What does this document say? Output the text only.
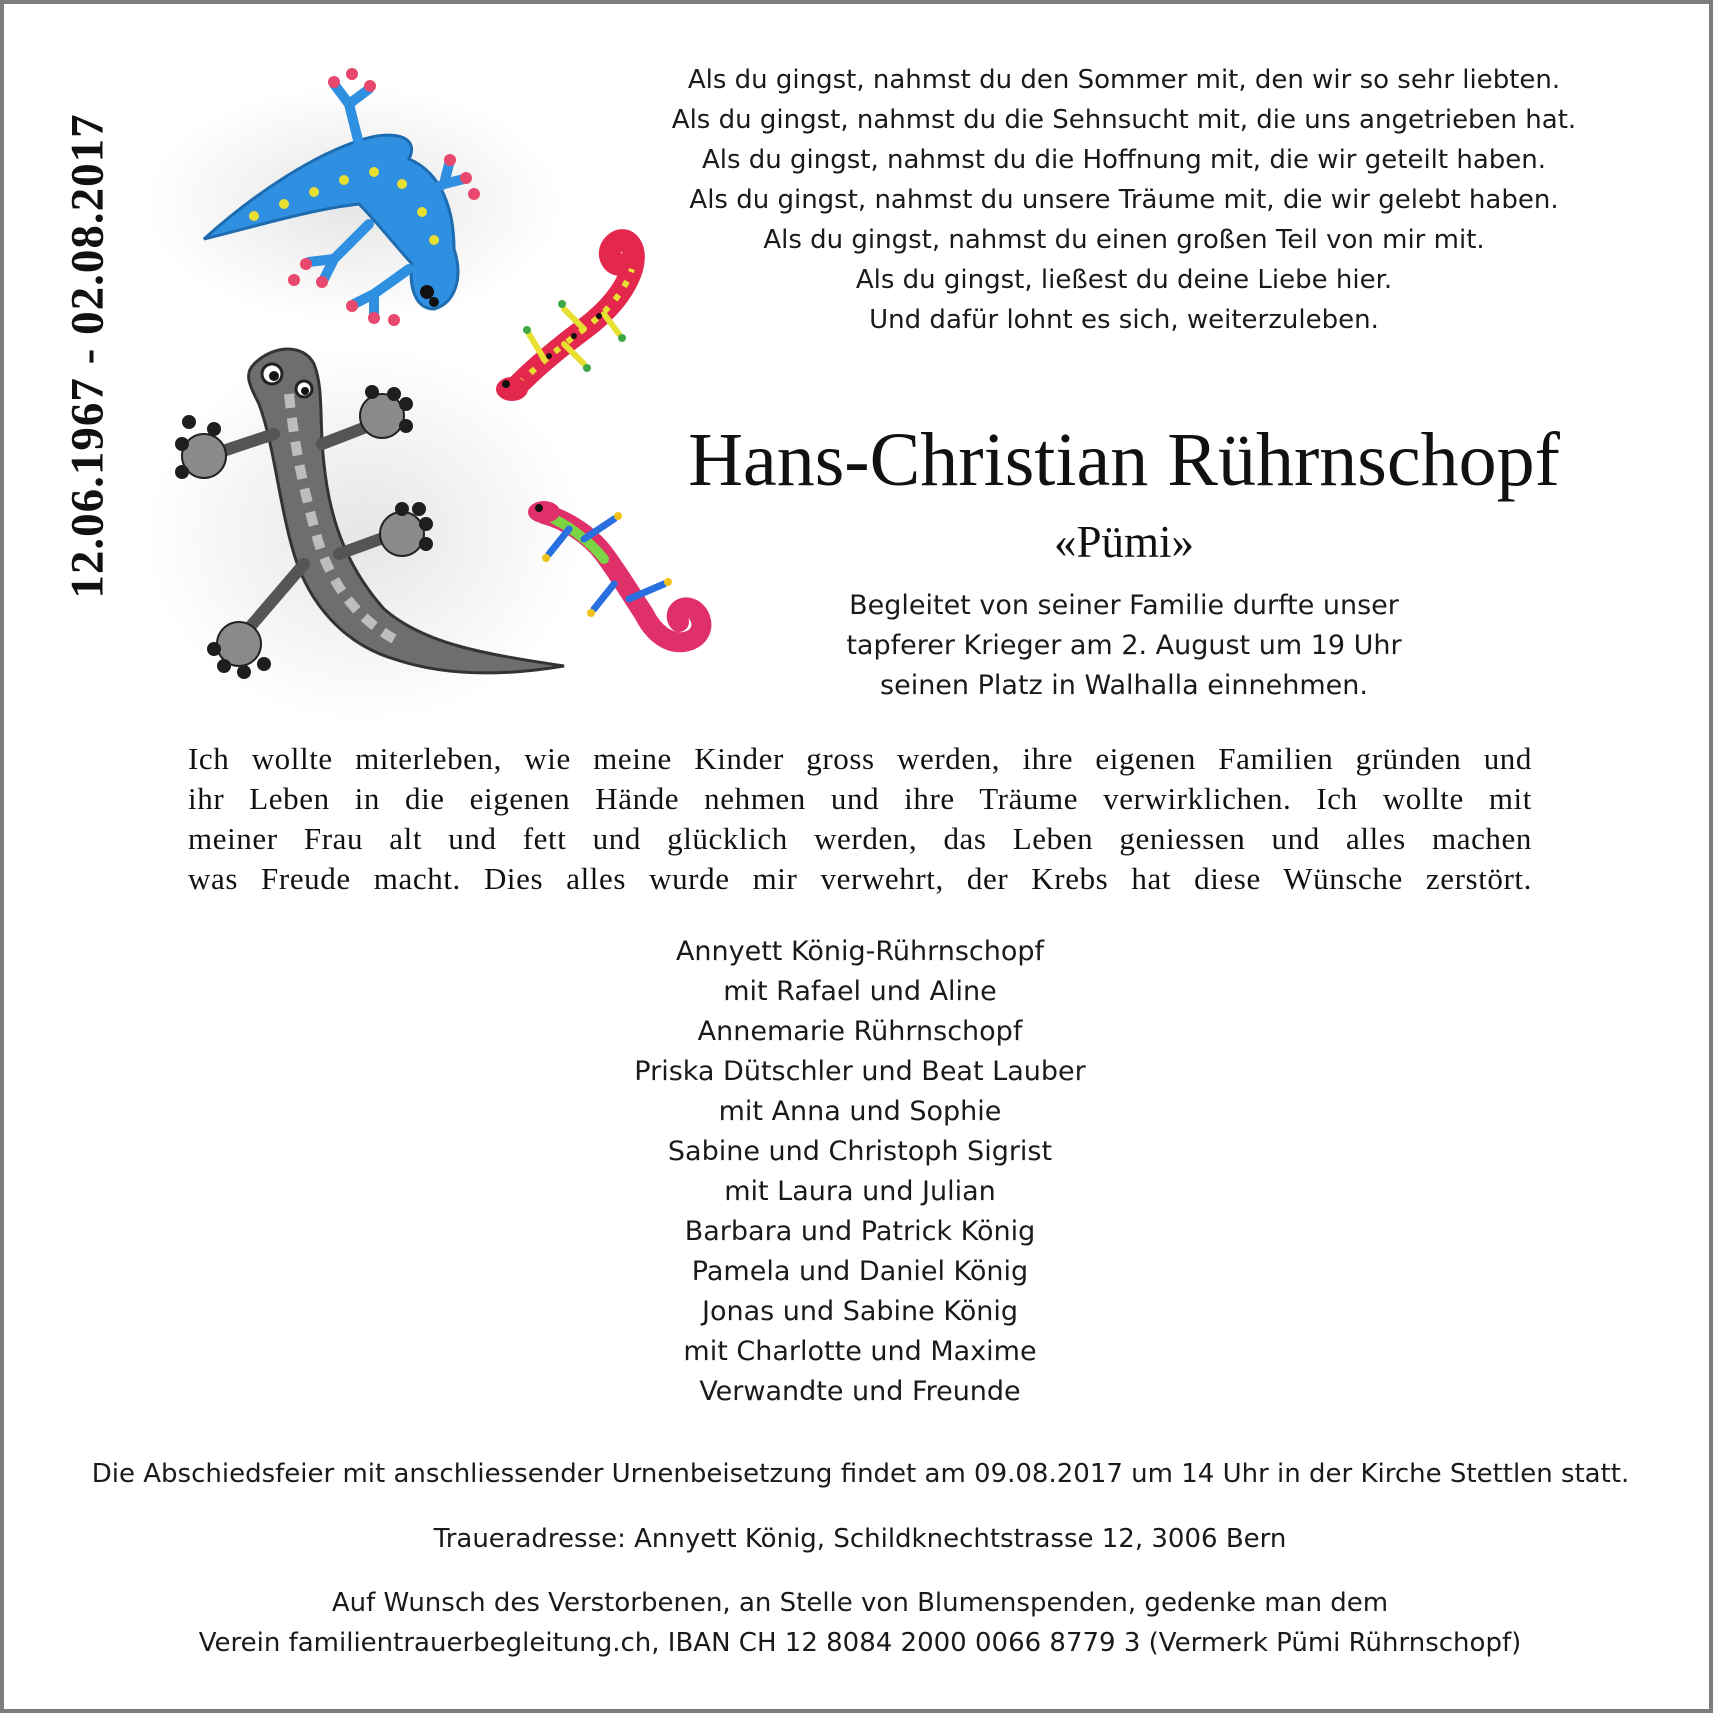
12.06.1967 - 02.08.2017
Als du gingst, nahmst du den Sommer mit, den wir so sehr liebten.
Als du gingst, nahmst du die Sehnsucht mit, die uns angetrieben hat.
Als du gingst, nahmst du die Hoffnung mit, die wir geteilt haben.
Als du gingst, nahmst du unsere Träume mit, die wir gelebt haben.
Als du gingst, nahmst du einen großen Teil von mir mit.
Als du gingst, ließest du deine Liebe hier.
Und dafür lohnt es sich, weiterzuleben.
Hans-Christian Rührnschopf
«Pümi»
Begleitet von seiner Familie durfte unser
tapferer Krieger am 2. August um 19 Uhr
seinen Platz in Walhalla einnehmen.
Ich wollte miterleben, wie meine Kinder gross werden, ihre eigenen Familien gründen und
ihr Leben in die eigenen Hände nehmen und ihre Träume verwirklichen. Ich wollte mit
meiner Frau alt und fett und glücklich werden, das Leben geniessen und alles machen
was Freude macht. Dies alles wurde mir verwehrt, der Krebs hat diese Wünsche zerstört.
Annyett König-Rührnschopf
mit Rafael und Aline
Annemarie Rührnschopf
Priska Dütschler und Beat Lauber
mit Anna und Sophie
Sabine und Christoph Sigrist
mit Laura und Julian
Barbara und Patrick König
Pamela und Daniel König
Jonas und Sabine König
mit Charlotte und Maxime
Verwandte und Freunde
Die Abschiedsfeier mit anschliessender Urnenbeisetzung findet am 09.08.2017 um 14 Uhr in der Kirche Stettlen statt.
Traueradresse: Annyett König, Schildknechtstrasse 12, 3006 Bern
Auf Wunsch des Verstorbenen, an Stelle von Blumenspenden, gedenke man dem
Verein familientrauerbegleitung.ch, IBAN CH 12 8084 2000 0066 8779 3 (Vermerk Pümi Rührnschopf)
